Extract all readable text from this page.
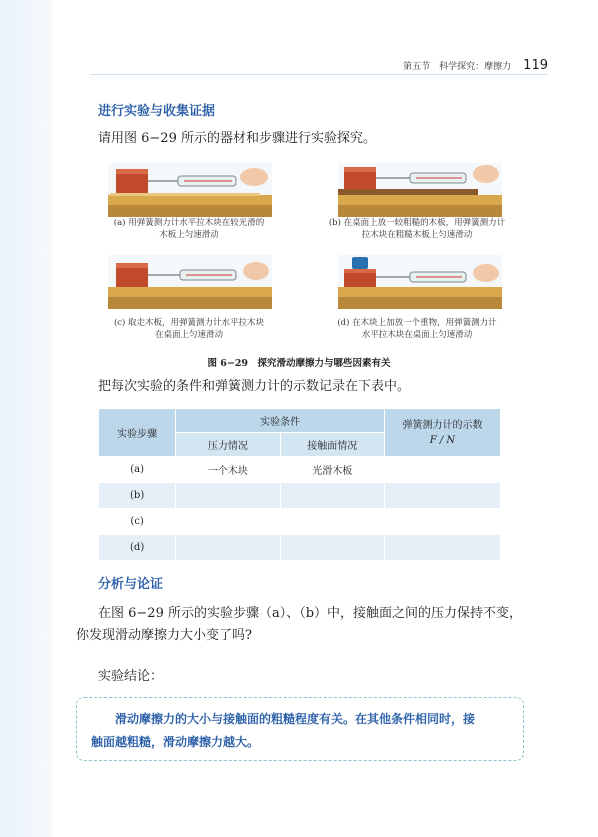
第五节　科学探究：摩擦力 119
进行实验与收集证据
请用图 6−29 所示的器材和步骤进行实验探究。
(a) 用弹簧测力计水平拉木块在较光滑的
木板上匀速滑动
(b) 在桌面上放一较粗糙的木板，用弹簧测力计
拉木块在粗糙木板上匀速滑动
(c) 取走木板，用弹簧测力计水平拉木块
在桌面上匀速滑动
(d) 在木块上加放一个重物，用弹簧测力计
水平拉木块在桌面上匀速滑动
图 6−29　探究滑动摩擦力与哪些因素有关
把每次实验的条件和弹簧测力计的示数记录在下表中。
实验步骤	实验条件		弹簧测力计的示数
F / N

	压力情况	接触面情况	
(a)	一个木块	光滑木板	
(b)			
(c)			
(d)			
分析与论证
在图 6−29 所示的实验步骤（a）、（b）中，接触面之间的压力保持不变，
你发现滑动摩擦力大小变了吗?
实验结论：
滑动摩擦力的大小与接触面的粗糙程度有关。在其他条件相同时，接
触面越粗糙，滑动摩擦力越大。
